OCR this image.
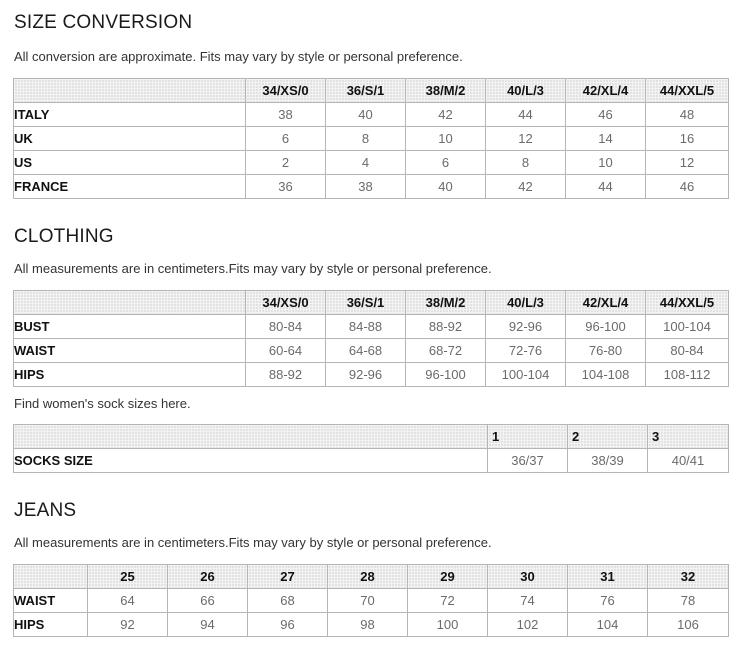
SIZE CONVERSION

All conversion are approximate. Fits may vary by style or personal preference.

	34/XS/0	36/S/1	38/M/2	40/L/3	42/XL/4	44/XXL/5
ITALY	38	40	42	44	46	48
UK	6	8	10	12	14	16
US	2	4	6	8	10	12
FRANCE	36	38	40	42	44	46
CLOTHING

All measurements are in centimeters.Fits may vary by style or personal preference.

	34/XS/0	36/S/1	38/M/2	40/L/3	42/XL/4	44/XXL/5
BUST	80-84	84-88	88-92	92-96	96-100	100-104
WAIST	60-64	64-68	68-72	72-76	76-80	80-84
HIPS	88-92	92-96	96-100	100-104	104-108	108-112

Find women's sock sizes here.

	1	2	3
SOCKS SIZE	36/37	38/39	40/41
JEANS

All measurements are in centimeters.Fits may vary by style or personal preference.

	25	26	27	28	29	30	31	32
WAIST	64	66	68	70	72	74	76	78
HIPS	92	94	96	98	100	102	104	106
